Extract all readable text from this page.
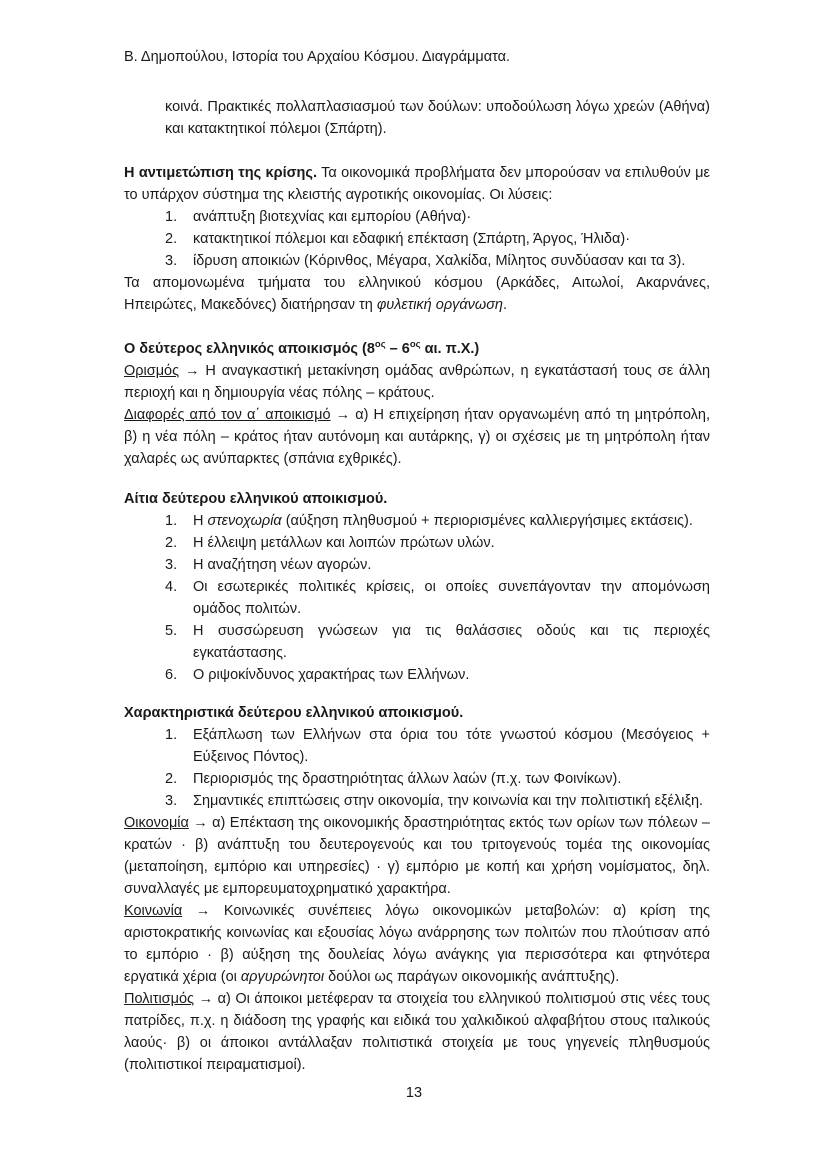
Β. Δημοπούλου, Ιστορία του Αρχαίου Κόσμου. Διαγράμματα.

κοινά. Πρακτικές πολλαπλασιασμού των δούλων: υποδούλωση λόγω χρεών (Αθήνα) και κατακτητικοί πόλεμοι (Σπάρτη).

Η αντιμετώπιση της κρίσης. Τα οικονομικά προβλήματα δεν μπορούσαν να επιλυθούν με το υπάρχον σύστημα της κλειστής αγροτικής οικονομίας. Οι λύσεις:

1. ανάπτυξη βιοτεχνίας και εμπορίου (Αθήνα)·
2. κατακτητικοί πόλεμοι και εδαφική επέκταση (Σπάρτη, Άργος, Ήλιδα)·
3. ίδρυση αποικιών (Κόρινθος, Μέγαρα, Χαλκίδα, Μίλητος συνδύασαν και τα 3).

Τα απομονωμένα τμήματα του ελληνικού κόσμου (Αρκάδες, Αιτωλοί, Ακαρνάνες, Ηπειρώτες, Μακεδόνες) διατήρησαν τη φυλετική οργάνωση.

Ο δεύτερος ελληνικός αποικισμός ($8^{o\varsigma} - 6^{o\varsigma}$ αι. π.Χ.)

Ορισμός → Η αναγκαστική μετακίνηση ομάδας ανθρώπων, η εγκατάστασή τους σε άλλη περιοχή και η δημιουργία νέας πόλης – κράτους.

Διαφορές από τον α΄ αποικισμό → α) Η επιχείρηση ήταν οργανωμένη από τη μητρόπολη, β) η νέα πόλη – κράτος ήταν αυτόνομη και αυτάρκης, γ) οι σχέσεις με τη μητρόπολη ήταν χαλαρές ως ανύπαρκτες (σπάνια εχθρικές).

Αίτια δεύτερου ελληνικού αποικισμού.

1. Η στενοχωρία (αύξηση πληθυσμού + περιορισμένες καλλιεργήσιμες εκτάσεις).
2. Η έλλειψη μετάλλων και λοιπών πρώτων υλών.
3. Η αναζήτηση νέων αγορών.
4. Οι εσωτερικές πολιτικές κρίσεις, οι οποίες συνεπάγονταν την απομόνωση ομάδος πολιτών.
5. Η συσσώρευση γνώσεων για τις θαλάσσιες οδούς και τις περιοχές εγκατάστασης.
6. Ο ριψοκίνδυνος χαρακτήρας των Ελλήνων.

Χαρακτηριστικά δεύτερου ελληνικού αποικισμού.

1. Εξάπλωση των Ελλήνων στα όρια του τότε γνωστού κόσμου (Μεσόγειος + Εύξεινος Πόντος).
2. Περιορισμός της δραστηριότητας άλλων λαών (π.χ. των Φοινίκων).
3. Σημαντικές επιπτώσεις στην οικονομία, την κοινωνία και την πολιτιστική εξέλιξη.

Οικονομία → α) Επέκταση της οικονομικής δραστηριότητας εκτός των ορίων των πόλεων – κρατών · β) ανάπτυξη του δευτερογενούς και του τριτογενούς τομέα της οικονομίας (μεταποίηση, εμπόριο και υπηρεσίες) · γ) εμπόριο με κοπή και χρήση νομίσματος, δηλ. συναλλαγές με εμπορευματοχρηματικό χαρακτήρα.

Κοινωνία → Κοινωνικές συνέπειες λόγω οικονομικών μεταβολών: α) κρίση της αριστοκρατικής κοινωνίας και εξουσίας λόγω ανάρρησης των πολιτών που πλούτισαν από το εμπόριο · β) αύξηση της δουλείας λόγω ανάγκης για περισσότερα και φτηνότερα εργατικά χέρια (οι αργυρώνητοι δούλοι ως παράγων οικονομικής ανάπτυξης).

Πολιτισμός → α) Οι άποικοι μετέφεραν τα στοιχεία του ελληνικού πολιτισμού στις νέες τους πατρίδες, π.χ. η διάδοση της γραφής και ειδικά του χαλκιδικού αλφαβήτου στους ιταλικούς λαούς· β) οι άποικοι αντάλλαξαν πολιτιστικά στοιχεία με τους γηγενείς πληθυσμούς (πολιτιστικοί πειραματισμοί).

13
